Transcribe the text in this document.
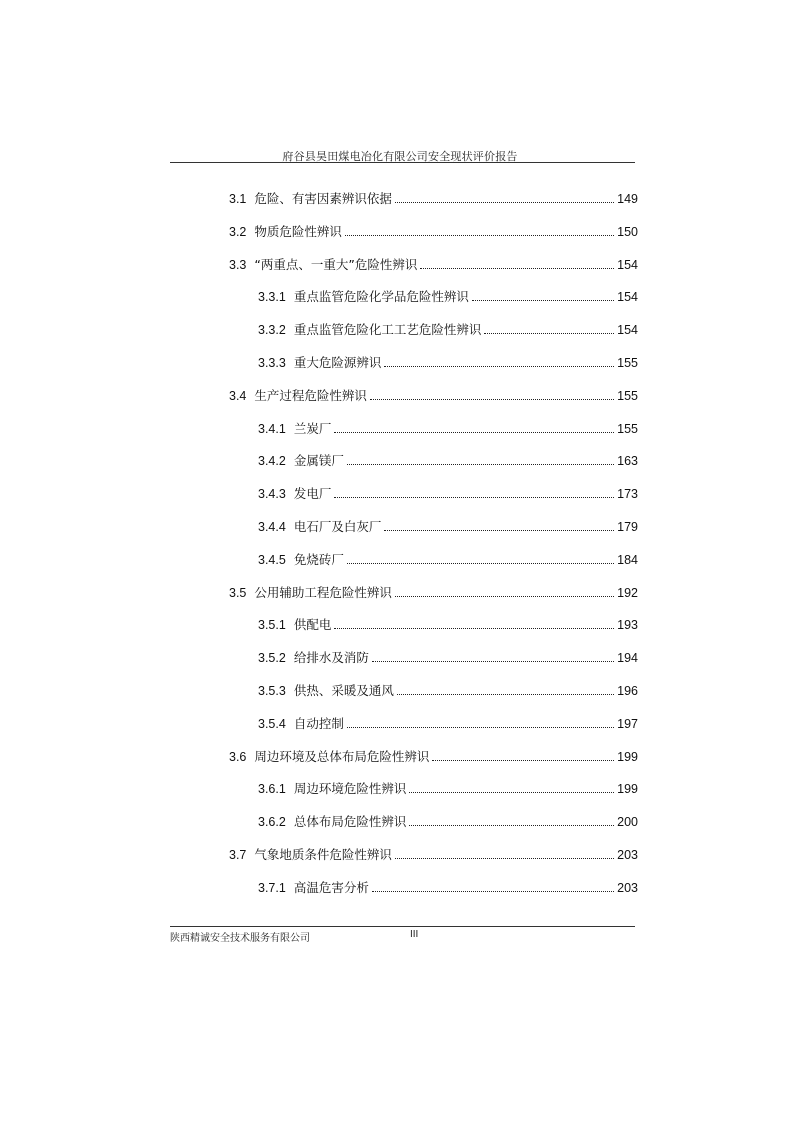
府谷县昊田煤电冶化有限公司安全现状评价报告
3.1 危险、有害因素辨识依据	149
3.2 物质危险性辨识	150
3.3 “两重点、一重大”危险性辨识	154
3.3.1 重点监管危险化学品危险性辨识	154
3.3.2 重点监管危险化工工艺危险性辨识	154
3.3.3 重大危险源辨识	155
3.4 生产过程危险性辨识	155
3.4.1 兰炭厂	155
3.4.2 金属镁厂	163
3.4.3 发电厂	173
3.4.4 电石厂及白灰厂	179
3.4.5 免烧砖厂	184
3.5 公用辅助工程危险性辨识	192
3.5.1 供配电	193
3.5.2 给排水及消防	194
3.5.3 供热、采暖及通风	196
3.5.4 自动控制	197
3.6 周边环境及总体布局危险性辨识	199
3.6.1 周边环境危险性辨识	199
3.6.2 总体布局危险性辨识	200
3.7 气象地质条件危险性辨识	203
3.7.1 高温危害分析	203
陕西精诚安全技术服务有限公司	III
